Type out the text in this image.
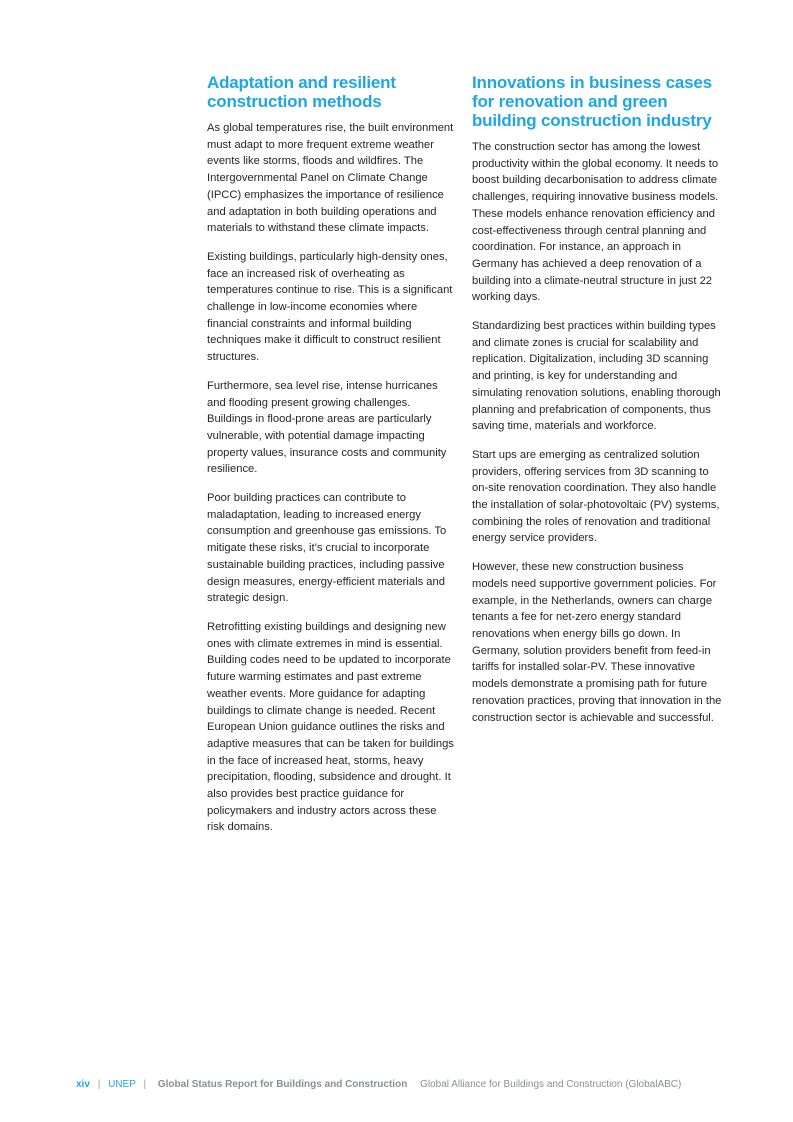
Adaptation and resilient construction methods

As global temperatures rise, the built environment must adapt to more frequent extreme weather events like storms, floods and wildfires. The Intergovernmental Panel on Climate Change (IPCC) emphasizes the importance of resilience and adaptation in both building operations and materials to withstand these climate impacts.

Existing buildings, particularly high-density ones, face an increased risk of overheating as temperatures continue to rise. This is a significant challenge in low-income economies where financial constraints and informal building techniques make it difficult to construct resilient structures.

Furthermore, sea level rise, intense hurricanes and flooding present growing challenges. Buildings in flood-prone areas are particularly vulnerable, with potential damage impacting property values, insurance costs and community resilience.

Poor building practices can contribute to maladaptation, leading to increased energy consumption and greenhouse gas emissions. To mitigate these risks, it’s crucial to incorporate sustainable building practices, including passive design measures, energy-efficient materials and strategic design.

Retrofitting existing buildings and designing new ones with climate extremes in mind is essential. Building codes need to be updated to incorporate future warming estimates and past extreme weather events. More guidance for adapting buildings to climate change is needed. Recent European Union guidance outlines the risks and adaptive measures that can be taken for buildings in the face of increased heat, storms, heavy precipitation, flooding, subsidence and drought. It also provides best practice guidance for policymakers and industry actors across these risk domains.

Innovations in business cases for renovation and green building construction industry

The construction sector has among the lowest productivity within the global economy. It needs to boost building decarbonisation to address climate challenges, requiring innovative business models. These models enhance renovation efficiency and cost-effectiveness through central planning and coordination. For instance, an approach in Germany has achieved a deep renovation of a building into a climate-neutral structure in just 22 working days.

Standardizing best practices within building types and climate zones is crucial for scalability and replication. Digitalization, including 3D scanning and printing, is key for understanding and simulating renovation solutions, enabling thorough planning and prefabrication of components, thus saving time, materials and workforce.

Start ups are emerging as centralized solution providers, offering services from 3D scanning to on-site renovation coordination. They also handle the installation of solar-photovoltaic (PV) systems, combining the roles of renovation and traditional energy service providers.

However, these new construction business models need supportive government policies. For example, in the Netherlands, owners can charge tenants a fee for net-zero energy standard renovations when energy bills go down. In Germany, solution providers benefit from feed-in tariffs for installed solar-PV. These innovative models demonstrate a promising path for future renovation practices, proving that innovation in the construction sector is achievable and successful.

xiv | UNEP | Global Status Report for Buildings and Construction Global Alliance for Buildings and Construction (GlobalABC)
